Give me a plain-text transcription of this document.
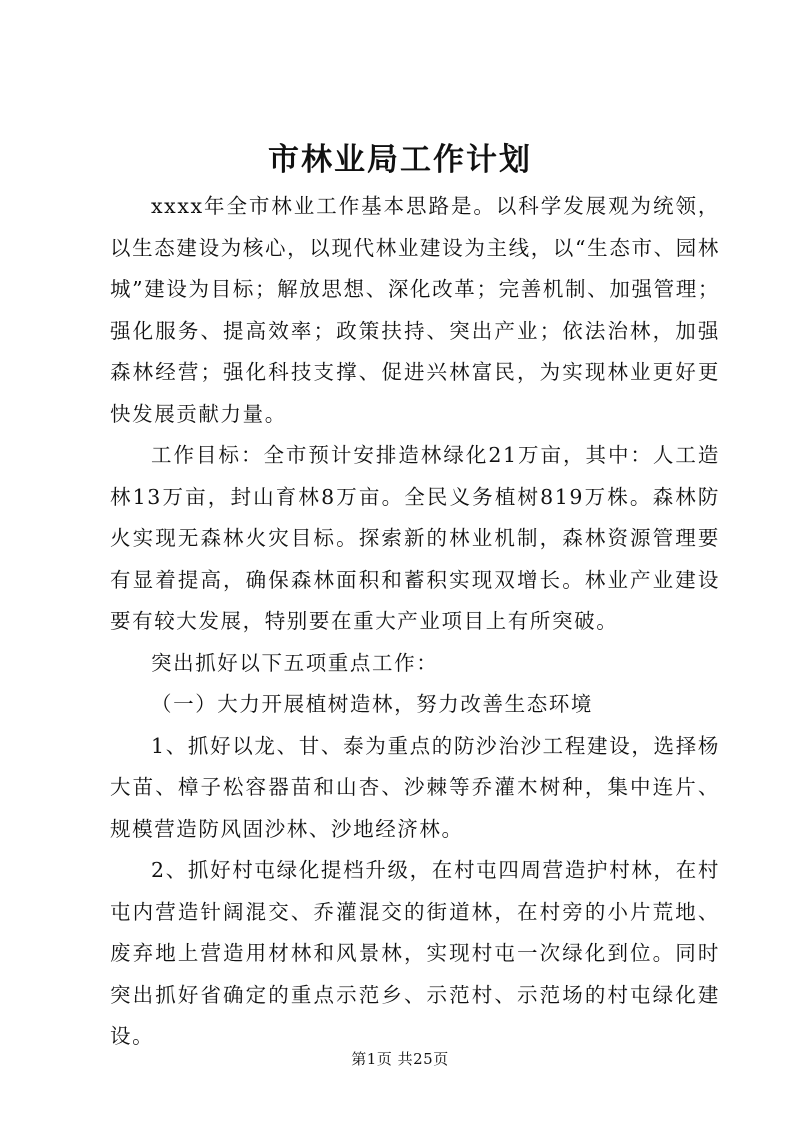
市林业局工作计划

xxxx年全市林业工作基本思路是。以科学发展观为统领，以生态建设为核心，以现代林业建设为主线，以“生态市、园林城”建设为目标；解放思想、深化改革；完善机制、加强管理；强化服务、提高效率；政策扶持、突出产业；依法治林，加强森林经营；强化科技支撑、促进兴林富民，为实现林业更好更快发展贡献力量。

工作目标：全市预计安排造林绿化21万亩，其中：人工造林13万亩，封山育林8万亩。全民义务植树819万株。森林防火实现无森林火灾目标。探索新的林业机制，森林资源管理要有显着提高，确保森林面积和蓄积实现双增长。林业产业建设要有较大发展，特别要在重大产业项目上有所突破。

突出抓好以下五项重点工作：

（一）大力开展植树造林，努力改善生态环境

1、抓好以龙、甘、泰为重点的防沙治沙工程建设，选择杨大苗、樟子松容器苗和山杏、沙棘等乔灌木树种，集中连片、规模营造防风固沙林、沙地经济林。

2、抓好村屯绿化提档升级，在村屯四周营造护村林，在村屯内营造针阔混交、乔灌混交的街道林，在村旁的小片荒地、废弃地上营造用材林和风景林，实现村屯一次绿化到位。同时突出抓好省确定的重点示范乡、示范村、示范场的村屯绿化建设。

第1页 共25页
